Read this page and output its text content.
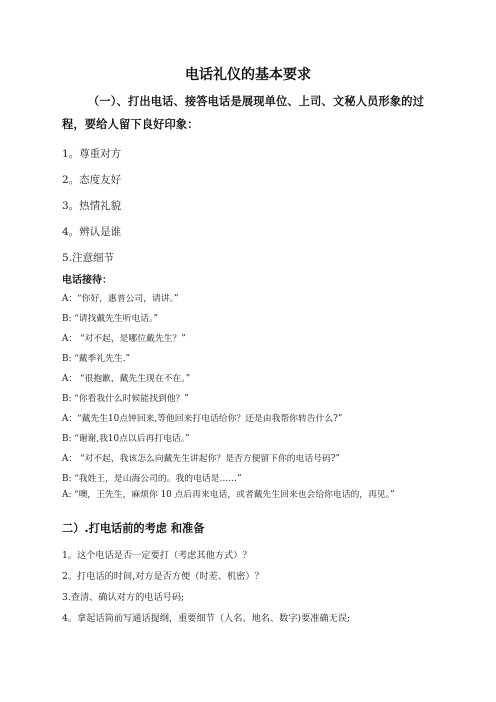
电话礼仪的基本要求
（一）、打出电话、接答电话是展现单位、上司、文秘人员形象的过程，要给人留下良好印象：
1。尊重对方
2。态度友好
3。热情礼貌
4。辨认是谁
5.注意细节
电话接待：
A：“你好，惠普公司，请讲。”
B: “请找戴先生听电话。”
A： “对不起，是哪位戴先生？”
B: “戴季礼先生.”
A： “很抱歉，戴先生现在不在。”
B: “你看我什么时候能找到他？”
A：“戴先生10点钟回来,等他回来打电话给你？还是由我帮你转告什么?”
B: “谢谢,我10点以后再打电话。”
A： “对不起，我该怎么向戴先生讲起你？是否方便留下你的电话号码?”
B: “我姓王，是山海公司的。我的电话是……”
A: “噢，王先生，麻烦你 10 点后再来电话，或者戴先生回来也会给你电话的，再见。”
二）.打电话前的考虑 和准备
1。这个电话是否一定要打（考虑其他方式）？
2。打电话的时间,对方是否方便（时差、机密）？
3.查清、确认对方的电话号码;
4。拿起话筒前写通话提纲，重要细节（人名、地名、数字)要准确无误;
